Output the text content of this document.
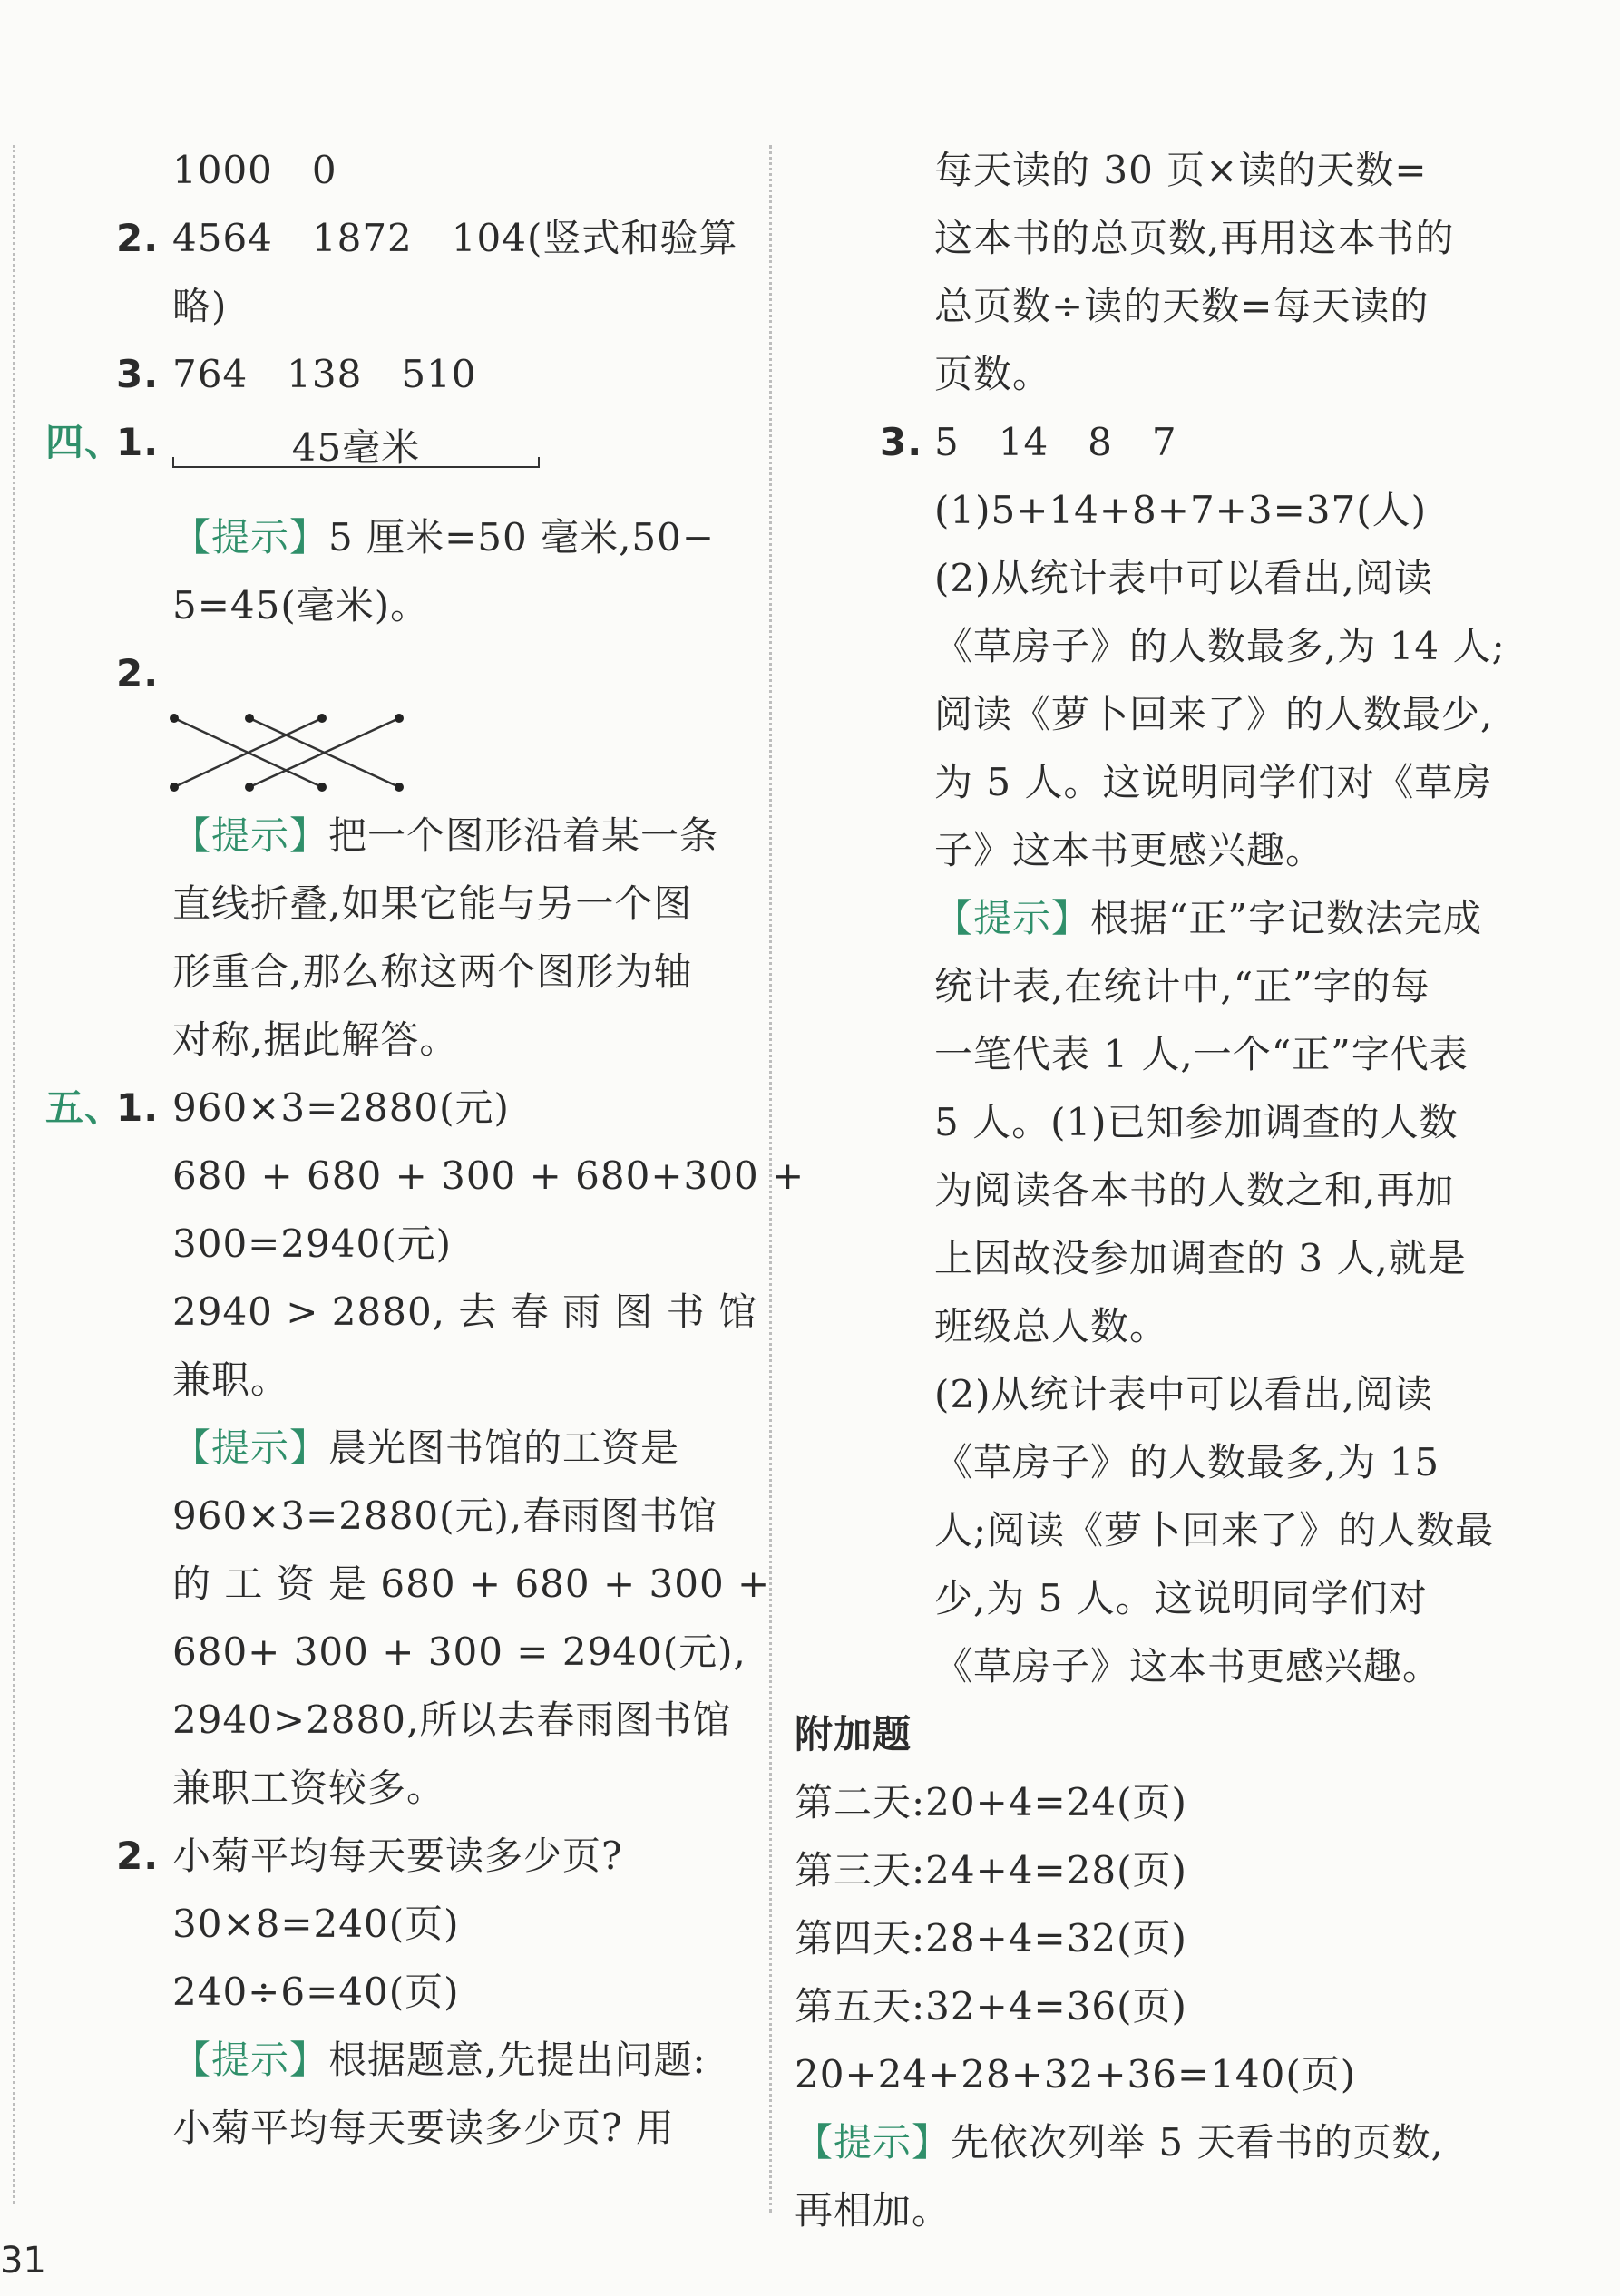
1000　0
2. 4564　1872　104(竖式和验算
略)
3. 764　138　510
四、
1.	45毫米
【提示】5 厘米=50 毫米,50−
5=45(毫米)。
2.
【提示】把一个图形沿着某一条
直线折叠,如果它能与另一个图
形重合,那么称这两个图形为轴
对称,据此解答。
五、
1. 960×3=2880(元)
680 + 680 + 300 + 680+300 +
300=2940(元)
2940 > 2880, 去 春 雨 图 书 馆
兼职。
【提示】晨光图书馆的工资是
960×3=2880(元),春雨图书馆
的 工 资 是 680 + 680 + 300 +
680+ 300 + 300 = 2940(元),
2940>2880,所以去春雨图书馆
兼职工资较多。
2. 小菊平均每天要读多少页?
30×8=240(页)
240÷6=40(页)
【提示】根据题意,先提出问题:
小菊平均每天要读多少页? 用
每天读的 30 页×读的天数=
这本书的总页数,再用这本书的
总页数÷读的天数=每天读的
页数。
3. 5　14　8　7
(1)5+14+8+7+3=37(人)
(2)从统计表中可以看出,阅读
《草房子》的人数最多,为 14 人;
阅读《萝卜回来了》的人数最少,
为 5 人。这说明同学们对《草房
子》这本书更感兴趣。
【提示】根据“正”字记数法完成
统计表,在统计中,“正”字的每
一笔代表 1 人,一个“正”字代表
5 人。(1)已知参加调查的人数
为阅读各本书的人数之和,再加
上因故没参加调查的 3 人,就是
班级总人数。
(2)从统计表中可以看出,阅读
《草房子》的人数最多,为 15
人;阅读《萝卜回来了》的人数最
少,为 5 人。这说明同学们对
《草房子》这本书更感兴趣。
附加题
第二天:20+4=24(页)
第三天:24+4=28(页)
第四天:28+4=32(页)
第五天:32+4=36(页)
20+24+28+32+36=140(页)
【提示】先依次列举 5 天看书的页数,
再相加。
31
